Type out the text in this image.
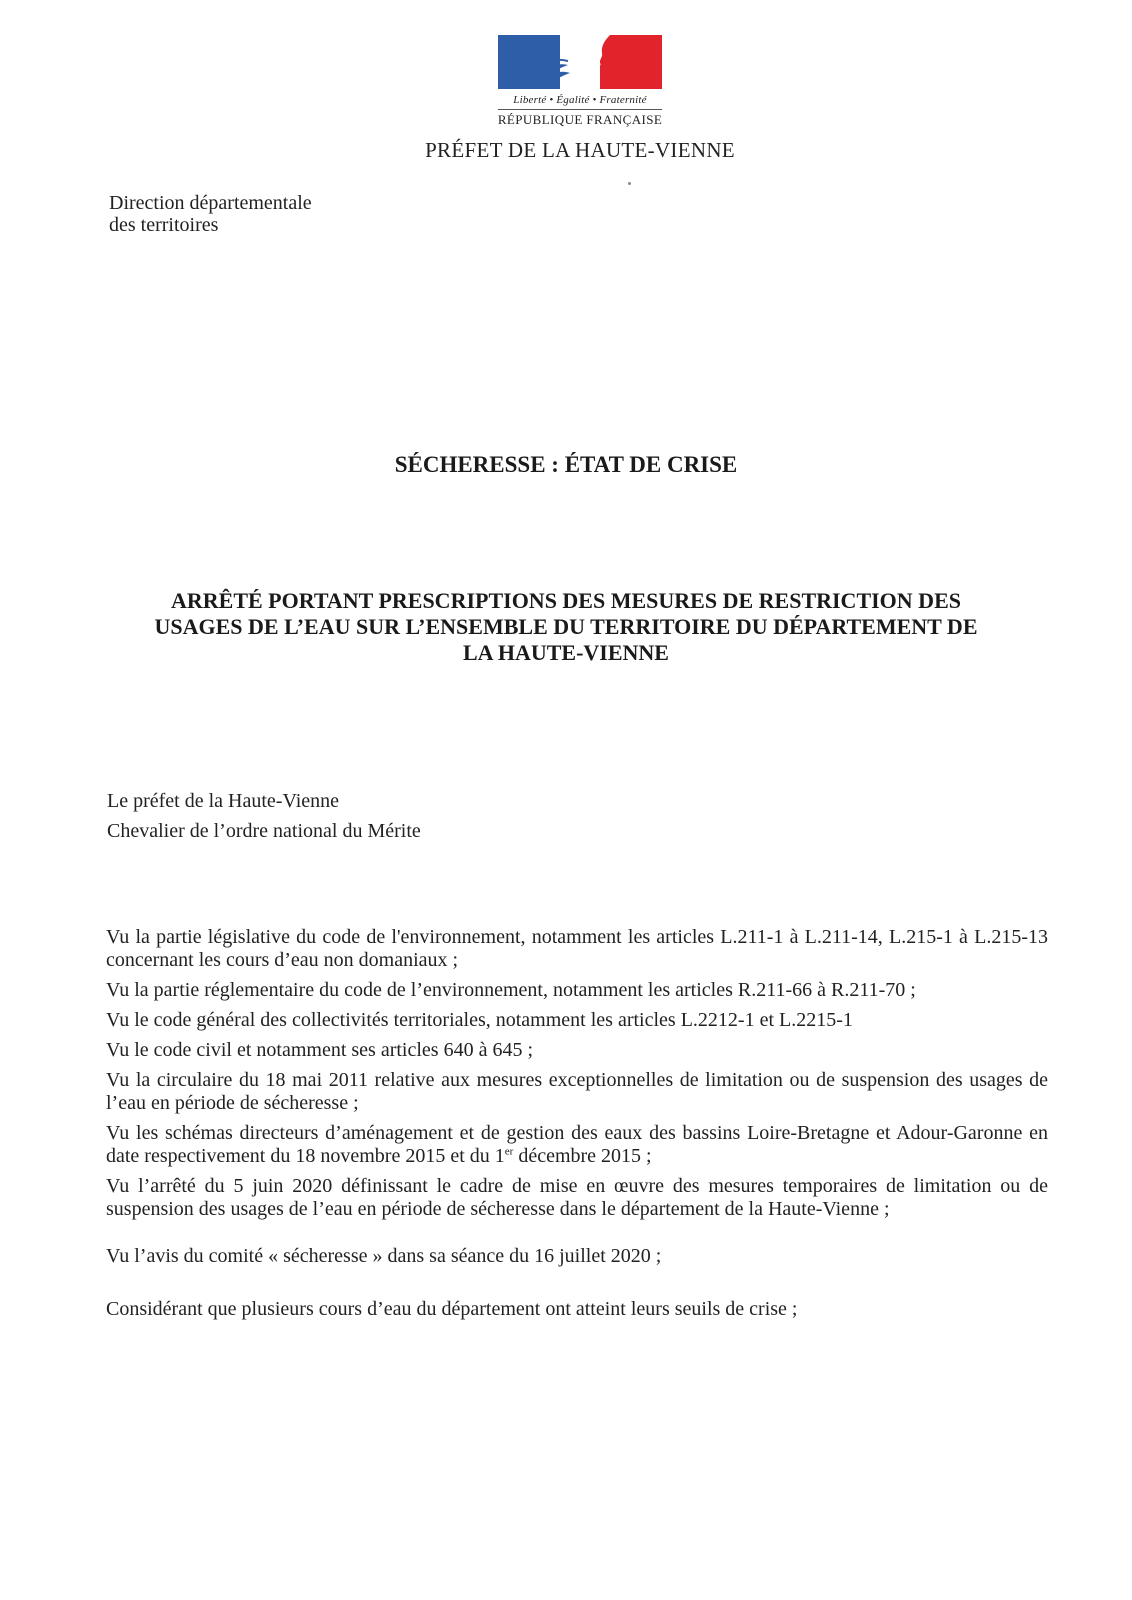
Liberté • Égalité • Fraternité
RÉPUBLIQUE FRANÇAISE
PRÉFET DE LA HAUTE-VIENNE
Direction départementale
des territoires
SÉCHERESSE : ÉTAT DE CRISE
ARRÊTÉ PORTANT PRESCRIPTIONS DES MESURES DE RESTRICTION DES
USAGES DE L’EAU SUR L’ENSEMBLE DU TERRITOIRE DU DÉPARTEMENT DE
LA HAUTE-VIENNE
Le préfet de la Haute-Vienne
Chevalier de l’ordre national du Mérite

Vu la partie législative du code de l'environnement, notamment les articles L.211-1 à L.211-14, L.215-1 à L.215-13 concernant les cours d’eau non domaniaux ;

Vu la partie réglementaire du code de l’environnement, notamment les articles R.211-66 à R.211-70 ;

Vu le code général des collectivités territoriales, notamment les articles L.2212-1 et L.2215-1

Vu le code civil et notamment ses articles 640 à 645 ;

Vu la circulaire du 18 mai 2011 relative aux mesures exceptionnelles de limitation ou de suspension des usages de l’eau en période de sécheresse ;

Vu les schémas directeurs d’aménagement et de gestion des eaux des bassins Loire-Bretagne et Adour-Garonne en date respectivement du 18 novembre 2015 et du 1er décembre 2015 ;

Vu l’arrêté du 5 juin 2020 définissant le cadre de mise en œuvre des mesures temporaires de limitation ou de suspension des usages de l’eau en période de sécheresse dans le département de la Haute-Vienne ;

Vu l’avis du comité « sécheresse » dans sa séance du 16 juillet 2020 ;

Considérant que plusieurs cours d’eau du département ont atteint leurs seuils de crise ;
